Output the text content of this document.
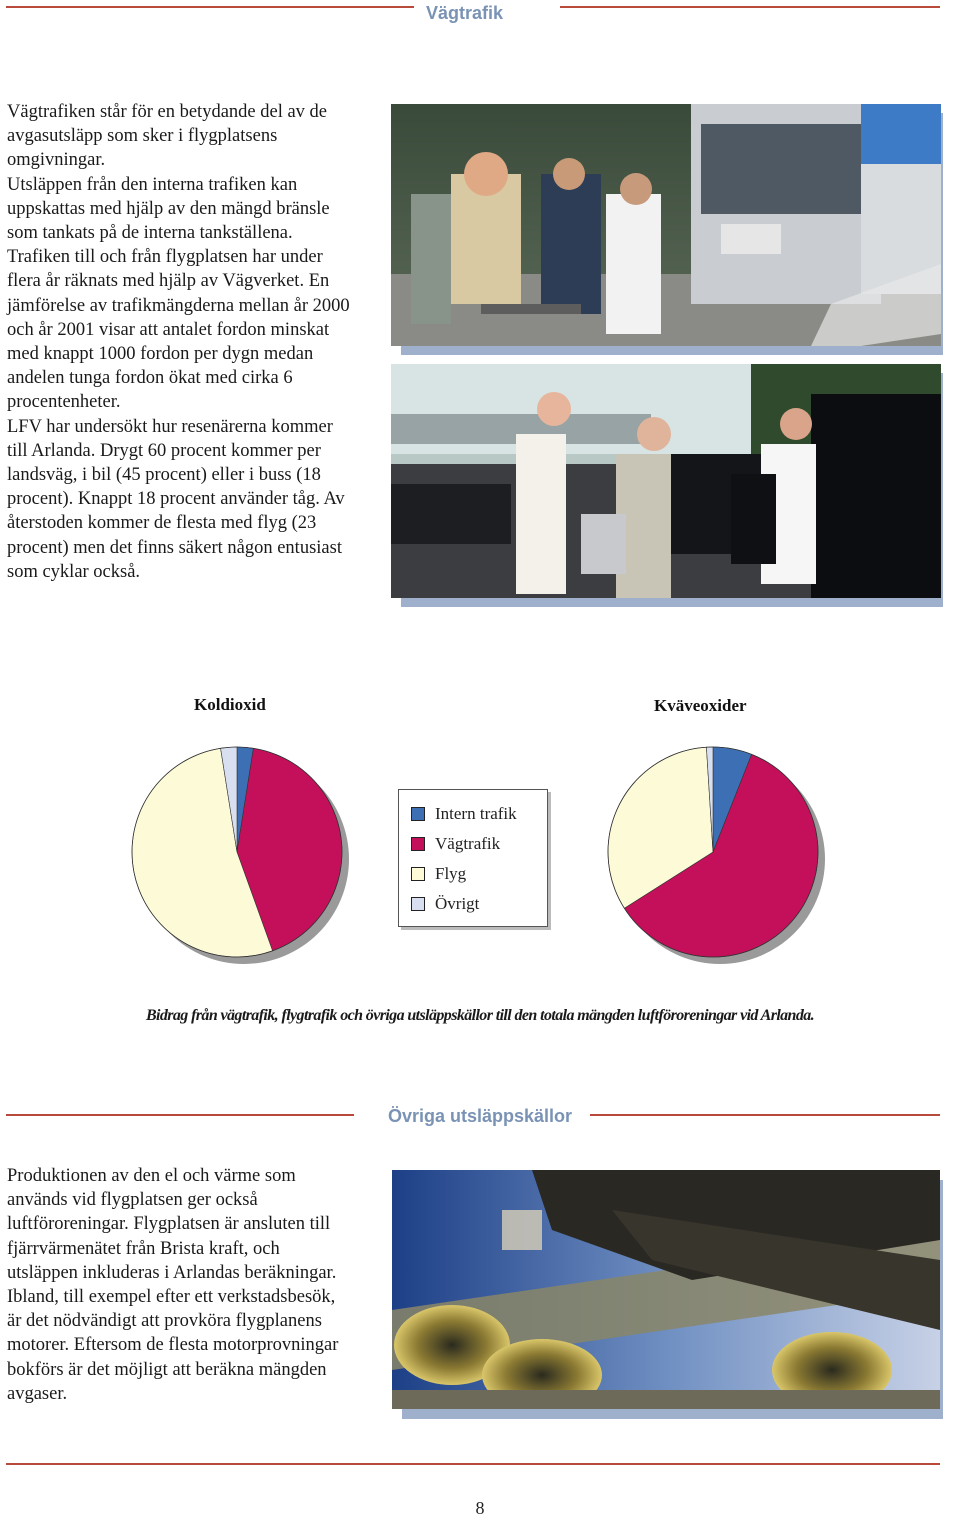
Vägtrafik

Vägtrafiken står för en betydande del av de avgasutsläpp som sker i flygplatsens omgivningar.

Utsläppen från den interna trafiken kan uppskattas med hjälp av den mängd bränsle som tankats på de interna tankställena.

Trafiken till och från flygplatsen har under flera år räknats med hjälp av Vägverket. En jämförelse av trafikmängderna mellan år 2000 och år 2001 visar att antalet fordon minskat med knappt 1000 fordon per dygn medan andelen tunga fordon ökat med cirka 6 procentenheter.

LFV har undersökt hur resenärerna kommer till Arlanda. Drygt 60 procent kommer per landsväg, i bil (45 procent) eller i buss (18 procent). Knappt 18 procent använder tåg. Av återstoden kommer de flesta med flyg (23 procent) men det finns säkert någon entusiast som cyklar också.

Koldioxid	Kväveoxider
Intern trafik
Vägtrafik
Flyg
Övrigt
Bidrag från vägtrafik, flygtrafik och övriga utsläppskällor till den totala mängden luftföroreningar vid Arlanda.
Övriga utsläppskällor

Produktionen av den el och värme som används vid flygplatsen ger också luftföroreningar. Flygplatsen är ansluten till fjärrvärmenätet från Brista kraft, och utsläppen inkluderas i Arlandas beräkningar.

Ibland, till exempel efter ett verkstadsbesök, är det nödvändigt att provköra flygplanens motorer. Eftersom de flesta motorprovningar bokförs är det möjligt att beräkna mängden avgaser.

8
